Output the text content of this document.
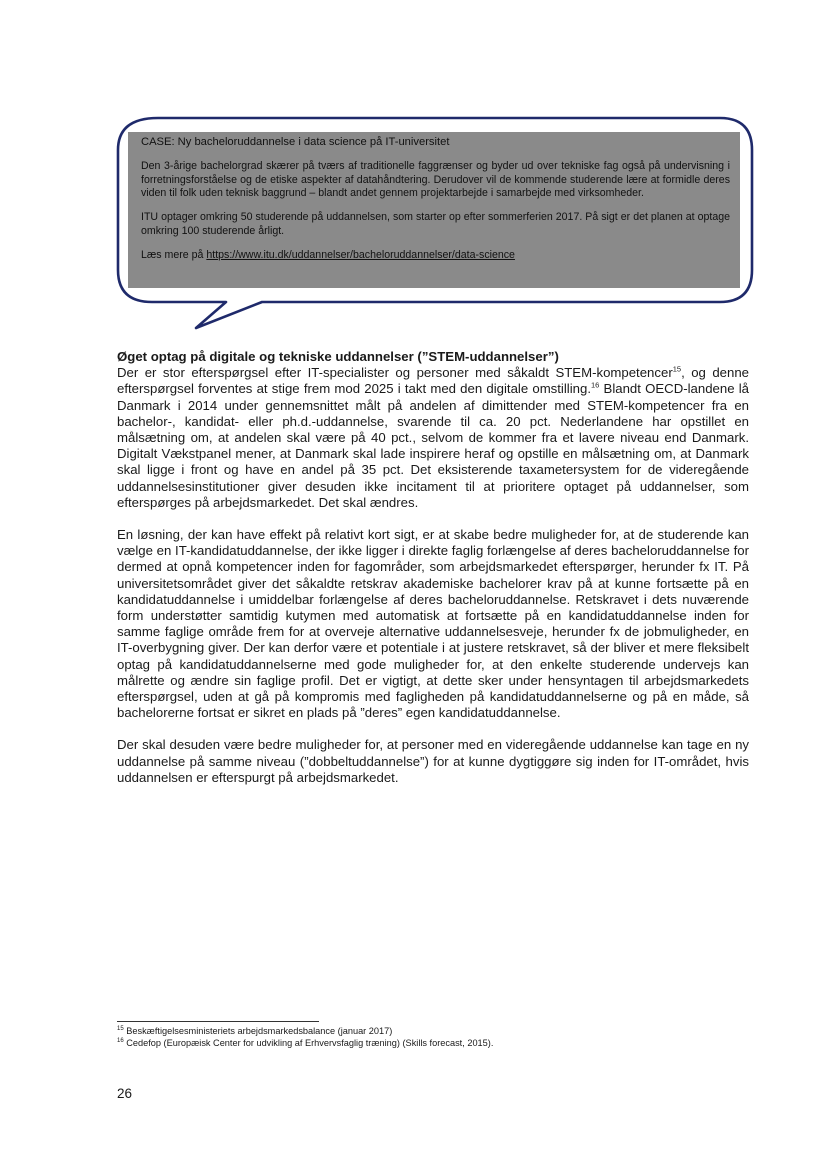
CASE: Ny bacheloruddannelse i data science på IT-universitet

Den 3-årige bachelorgrad skærer på tværs af traditionelle faggrænser og byder ud over tekniske fag også på undervisning i forretningsforståelse og de etiske aspekter af datahåndtering. Derudover vil de kommende studerende lære at formidle deres viden til folk uden teknisk baggrund – blandt andet gennem projektarbejde i samarbejde med virksomheder.

ITU optager omkring 50 studerende på uddannelsen, som starter op efter sommerferien 2017. På sigt er det planen at optage omkring 100 studerende årligt.

Læs mere på https://www.itu.dk/uddannelser/bacheloruddannelser/data-science

Øget optag på digitale og tekniske uddannelser (”STEM-uddannelser”)

Der er stor efterspørgsel efter IT-specialister og personer med såkaldt STEM-kompetencer$^{15}$, og denne efterspørgsel forventes at stige frem mod 2025 i takt med den digitale omstilling.$^{16}$ Blandt OECD-landene lå Danmark i 2014 under gennemsnittet målt på andelen af dimittender med STEM-kompetencer fra en bachelor-, kandidat- eller ph.d.-uddannelse, svarende til ca. 20 pct. Nederlandene har opstillet en målsætning om, at andelen skal være på 40 pct., selvom de kommer fra et lavere niveau end Danmark. Digitalt Vækstpanel mener, at Danmark skal lade inspirere heraf og opstille en målsætning om, at Danmark skal ligge i front og have en andel på 35 pct. Det eksisterende taxametersystem for de videregående uddannelsesinstitutioner giver desuden ikke incitament til at prioritere optaget på uddannelser, som efterspørges på arbejdsmarkedet. Det skal ændres.

En løsning, der kan have effekt på relativt kort sigt, er at skabe bedre muligheder for, at de studerende kan vælge en IT-kandidatuddannelse, der ikke ligger i direkte faglig forlængelse af deres bacheloruddannelse for dermed at opnå kompetencer inden for fagområder, som arbejdsmarkedet efterspørger, herunder fx IT. På universitetsområdet giver det såkaldte retskrav akademiske bachelorer krav på at kunne fortsætte på en kandidatuddannelse i umiddelbar forlængelse af deres bacheloruddannelse. Retskravet i dets nuværende form understøtter samtidig kutymen med automatisk at fortsætte på en kandidatuddannelse inden for samme faglige område frem for at overveje alternative uddannelsesveje, herunder fx de jobmuligheder, en IT-overbygning giver. Der kan derfor være et potentiale i at justere retskravet, så der bliver et mere fleksibelt optag på kandidatuddannelserne med gode muligheder for, at den enkelte studerende undervejs kan målrette og ændre sin faglige profil. Det er vigtigt, at dette sker under hensyntagen til arbejdsmarkedets efterspørgsel, uden at gå på kompromis med fagligheden på kandidatuddannelserne og på en måde, så bachelorerne fortsat er sikret en plads på ”deres” egen kandidatuddannelse.

Der skal desuden være bedre muligheder for, at personer med en videregående uddannelse kan tage en ny uddannelse på samme niveau (”dobbeltuddannelse”) for at kunne dygtiggøre sig inden for IT-området, hvis uddannelsen er efterspurgt på arbejdsmarkedet.

$^{15}$ Beskæftigelsesministeriets arbejdsmarkedsbalance (januar 2017)
$^{16}$ Cedefop (Europæisk Center for udvikling af Erhvervsfaglig træning) (Skills forecast, 2015).
26
